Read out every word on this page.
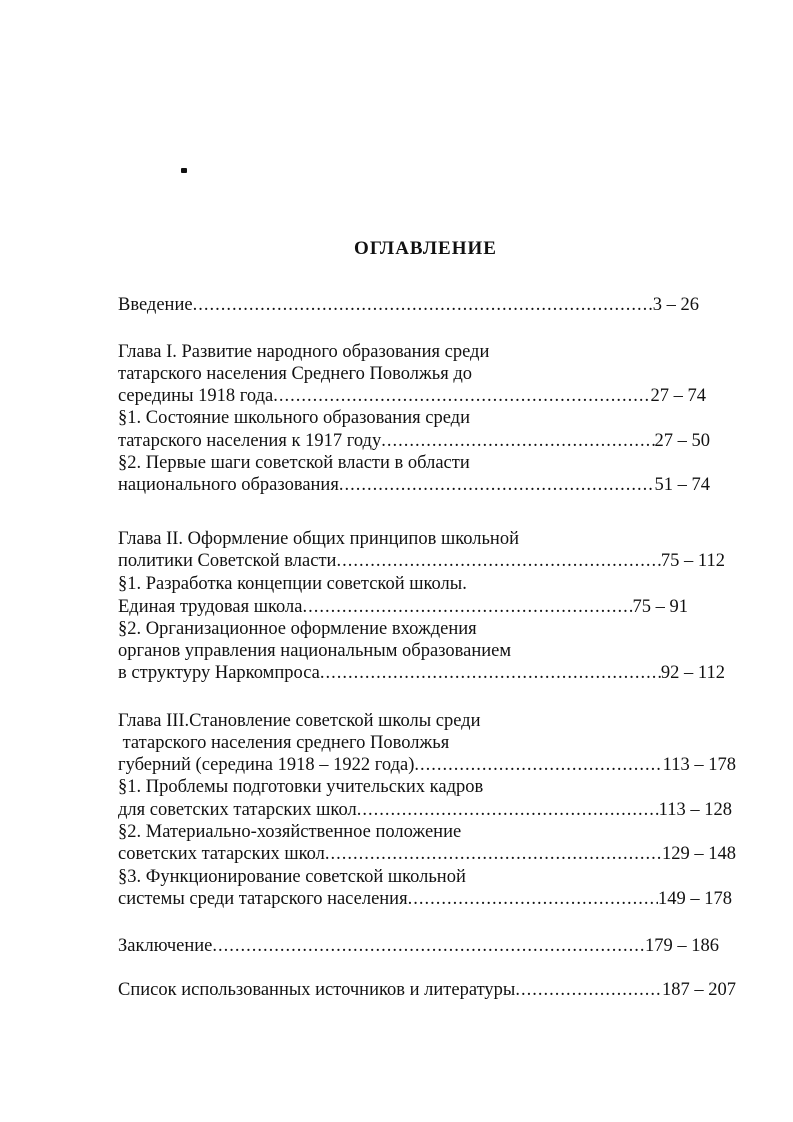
ОГЛАВЛЕНИЕ
Введение .....	3 – 26
Глава I. Развитие народного образования среди
татарского населения Среднего Поволжья до
середины 1918 года .....	27 – 74
§1. Состояние школьного образования среди
татарского населения к 1917 году .....	27 – 50
§2. Первые шаги советской власти в области
национального образования .....	51 – 74
Глава II. Оформление общих принципов школьной
политики Советской власти .....	75 – 112
§1. Разработка концепции советской школы.
Единая трудовая школа .....	75 – 91
§2. Организационное оформление вхождения
органов управления национальным образованием
в структуру Наркомпроса .....	92 – 112
Глава III.Становление советской школы среди
татарского населения среднего Поволжья
губерний (середина 1918 – 1922 года) .....	113 – 178
§1. Проблемы подготовки учительских кадров
для советских татарских школ .....	113 – 128
§2. Материально-хозяйственное положение
советских татарских школ .....	129 – 148
§3. Функционирование советской школьной
системы среди татарского населения .....	149 – 178
Заключение .....	179 – 186
Список использованных источников и литературы .....	187 – 207
